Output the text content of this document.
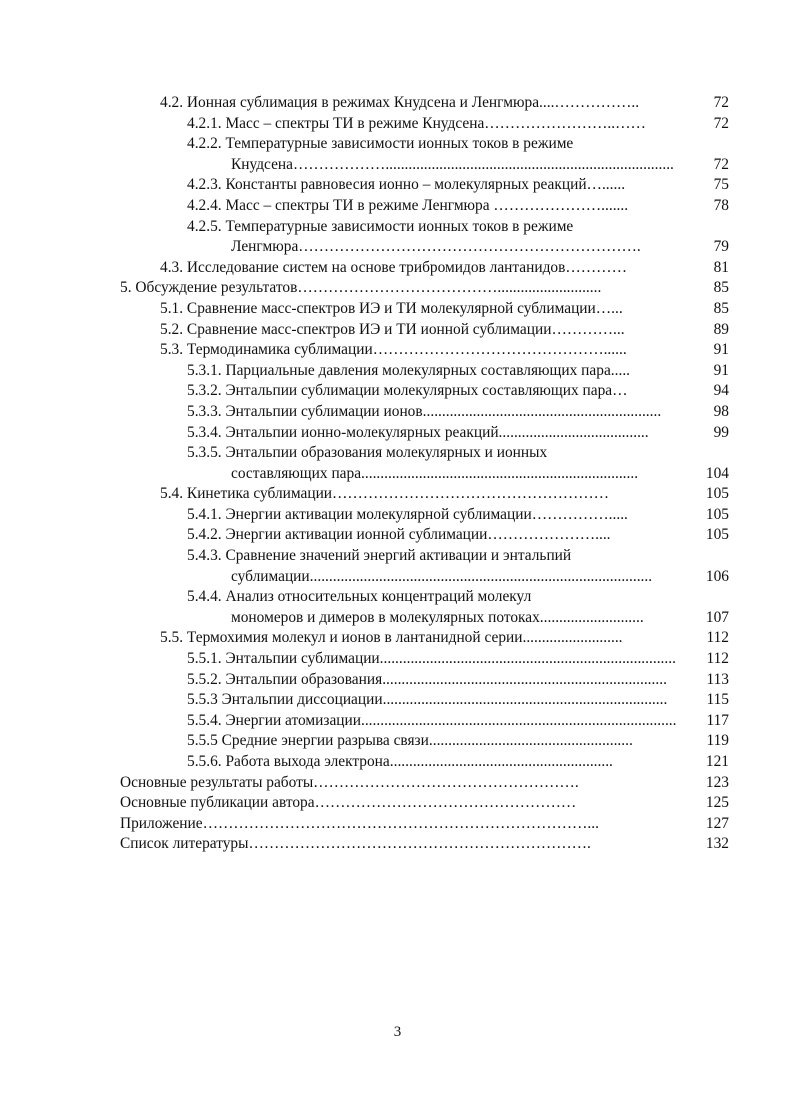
4.2. Ионная сублимация в режимах Кнудсена и Ленгмюра....……………..	72
4.2.1. Масс – спектры ТИ в режиме Кнудсена……………………..……	72
4.2.2. Температурные зависимости ионных токов в режиме
Кнудсена………………...........................................................................	72
4.2.3. Константы равновесия ионно – молекулярных реакций…......	75
4.2.4. Масс – спектры ТИ в режиме Ленгмюра ………………….......	78
4.2.5. Температурные зависимости ионных токов в режиме
Ленгмюра………………………………………………………….	79
4.3. Исследование систем на основе трибромидов лантанидов…………	81
5. Обсуждение результатов…………………………………...........................	85
5.1. Сравнение масс-спектров ИЭ и ТИ молекулярной сублимации…...	85
5.2. Сравнение масс-спектров ИЭ и ТИ ионной сублимации…………...	89
5.3. Термодинамика сублимации………………………………………......	91
5.3.1. Парциальные давления молекулярных составляющих пара.....	91
5.3.2. Энтальпии сублимации молекулярных составляющих пара…	94
5.3.3. Энтальпии сублимации ионов..............................................................	98
5.3.4. Энтальпии ионно-молекулярных реакций.......................................	99
5.3.5. Энтальпии образования молекулярных и ионных
составляющих пара........................................................................	104
5.4. Кинетика сублимации………………………………………………	105
5.4.1. Энергии активации молекулярной сублимации…………….....	105
5.4.2. Энергии активации ионной сублимации…………………....	105
5.4.3. Сравнение значений энергий активации и энтальпий
сублимации.........................................................................................	106
5.4.4. Анализ относительных концентраций молекул
мономеров и димеров в молекулярных потоках...........................	107
5.5. Термохимия молекул и ионов в лантанидной серии..........................	112
5.5.1. Энтальпии сублимации............................................................................. 112
5.5.2. Энтальпии образования..........................................................................	113
5.5.3 Энтальпии диссоциации..........................................................................	115
5.5.4. Энергии атомизации.................................................................................. 117
5.5.5 Средние энергии разрыва связи.....................................................	119
5.5.6. Работа выхода электрона..........................................................	121
Основные результаты работы…………………………………………….	123
Основные публикации автора……………………………………………	125
Приложение…………………………………………………………………...	127
Список литературы………………………………………………………….	132
3
